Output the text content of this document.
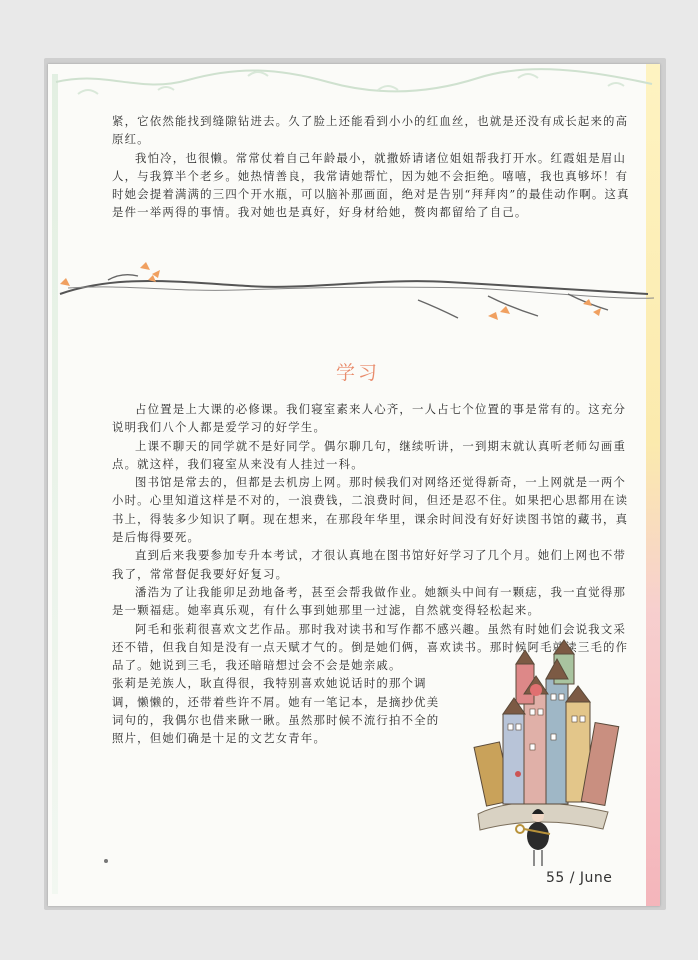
紧，它依然能找到缝隙钻进去。久了脸上还能看到小小的红血丝，也就是还没有成长起来的高原红。

我怕冷，也很懒。常常仗着自己年龄最小，就撒娇请诸位姐姐帮我打开水。红霞姐是眉山人，与我算半个老乡。她热情善良，我常请她帮忙，因为她不会拒绝。嘻嘻，我也真够坏！有时她会提着满满的三四个开水瓶，可以脑补那画面，绝对是告别“拜拜肉”的最佳动作啊。这真是件一举两得的事情。我对她也是真好，好身材给她，赘肉都留给了自己。

学习

占位置是上大课的必修课。我们寝室素来人心齐，一人占七个位置的事是常有的。这充分说明我们八个人都是爱学习的好学生。

上课不聊天的同学就不是好同学。偶尔聊几句，继续听讲，一到期末就认真听老师勾画重点。就这样，我们寝室从来没有人挂过一科。

图书馆是常去的，但都是去机房上网。那时候我们对网络还觉得新奇，一上网就是一两个小时。心里知道这样是不对的，一浪费钱，二浪费时间，但还是忍不住。如果把心思都用在读书上，得装多少知识了啊。现在想来，在那段年华里，课余时间没有好好读图书馆的藏书，真是后悔得要死。

直到后来我要参加专升本考试，才很认真地在图书馆好好学习了几个月。她们上网也不带我了，常常督促我要好好复习。

潘浩为了让我能卯足劲地备考，甚至会帮我做作业。她额头中间有一颗痣，我一直觉得那是一颗福痣。她率真乐观，有什么事到她那里一过滤，自然就变得轻松起来。

阿毛和张莉很喜欢文艺作品。那时我对读书和写作都不感兴趣。虽然有时她们会说我文采还不错，但我自知是没有一点天赋才气的。倒是她们俩，喜欢读书。那时候阿毛就读三毛的作品了。她说到三毛，我还暗暗想过会不会是她亲戚。

张莉是羌族人，耿直得很，我特别喜欢她说话时的那个调
调，懒懒的，还带着些许不屑。她有一笔记本，是摘抄优美
词句的，我偶尔也借来瞅一瞅。虽然那时候不流行拍不全的
照片，但她们确是十足的文艺女青年。
55 / June
